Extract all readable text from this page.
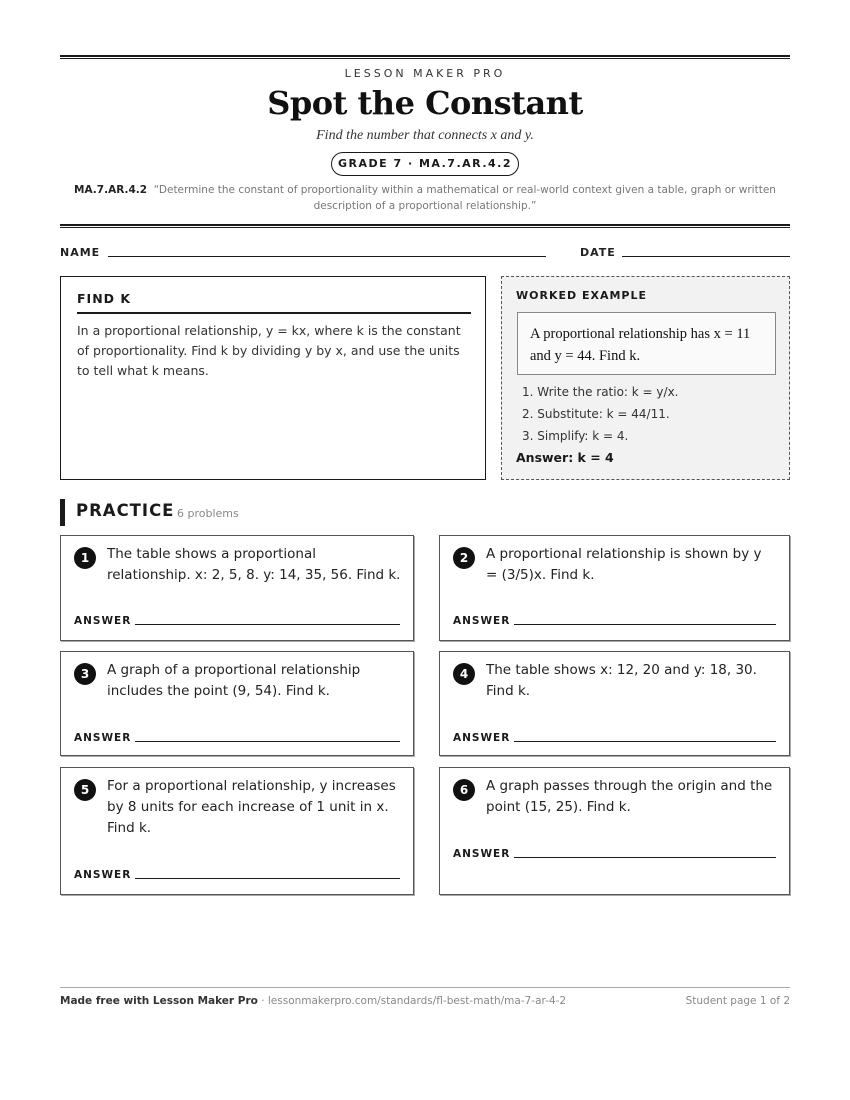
LESSON MAKER PRO
Spot the Constant
Find the number that connects x and y.
GRADE 7 · MA.7.AR.4.2
MA.7.AR.4.2 “Determine the constant of proportionality within a mathematical or real-world context given a table, graph or written description of a proportional relationship.”
NAME	DATE
FIND K

In a proportional relationship, y = kx, where k is the constant of proportionality. Find k by dividing y by x, and use the units to tell what k means.

WORKED EXAMPLE
A proportional relationship has x = 11 and y = 44. Find k.
1. Write the ratio: k = y/x.
2. Substitute: k = 44/11.
3. Simplify: k = 4.
Answer: k = 4
PRACTICE 6 problems
1	The table shows a proportional relationship. x: 2, 5, 8. y: 14, 35, 56. Find k.
ANSWER
2	A proportional relationship is shown by y = (3/5)x. Find k.
ANSWER
3	A graph of a proportional relationship includes the point (9, 54). Find k.
ANSWER
4	The table shows x: 12, 20 and y: 18, 30. Find k.
ANSWER
5	For a proportional relationship, y increases by 8 units for each increase of 1 unit in x. Find k.
ANSWER
6	A graph passes through the origin and the point (15, 25). Find k.
ANSWER
Made free with Lesson Maker Pro · lessonmakerpro.com/standards/fl-best-math/ma-7-ar-4-2	Student page 1 of 2
